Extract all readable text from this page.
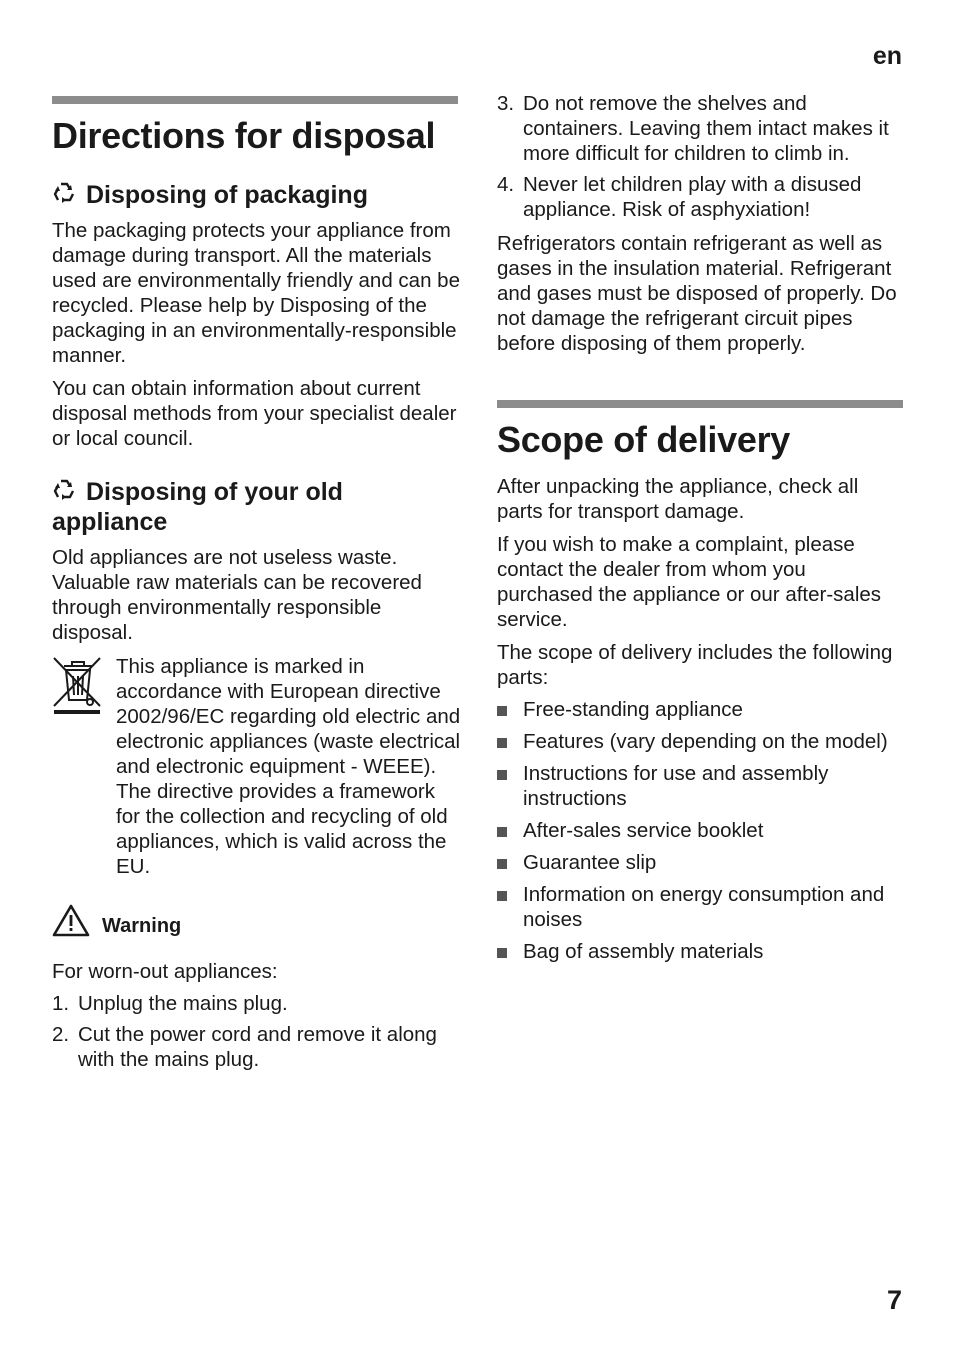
en
Directions for disposal
Disposing of packaging

The packaging protects your appliance from damage during transport. All the materials used are environmentally friendly and can be recycled. Please help by Disposing of the packaging in an environmentally-responsible manner.

You can obtain information about current disposal methods from your specialist dealer or local council.

Disposing of your old appliance

Old appliances are not useless waste. Valuable raw materials can be recovered through environmentally responsible disposal.

This appliance is marked in accordance with European directive 2002/96/EC regarding old electric and electronic appliances (waste electrical and electronic equipment - WEEE). The directive provides a framework for the collection and recycling of old appliances, which is valid across the EU.

Warning

For worn-out appliances:

1. Unplug the mains plug.
2. Cut the power cord and remove it along with the mains plug.
3. Do not remove the shelves and containers. Leaving them intact makes it more difficult for children to climb in.
4. Never let children play with a disused appliance. Risk of asphyxiation!

Refrigerators contain refrigerant as well as gases in the insulation material. Refrigerant and gases must be disposed of properly. Do not damage the refrigerant circuit pipes before disposing of them properly.

Scope of delivery

After unpacking the appliance, check all parts for transport damage.

If you wish to make a complaint, please contact the dealer from whom you purchased the appliance or our after-sales service.

The scope of delivery includes the following parts:

Free-standing appliance
Features (vary depending on the model)
Instructions for use and assembly instructions
After-sales service booklet
Guarantee slip
Information on energy consumption and noises
Bag of assembly materials
7
